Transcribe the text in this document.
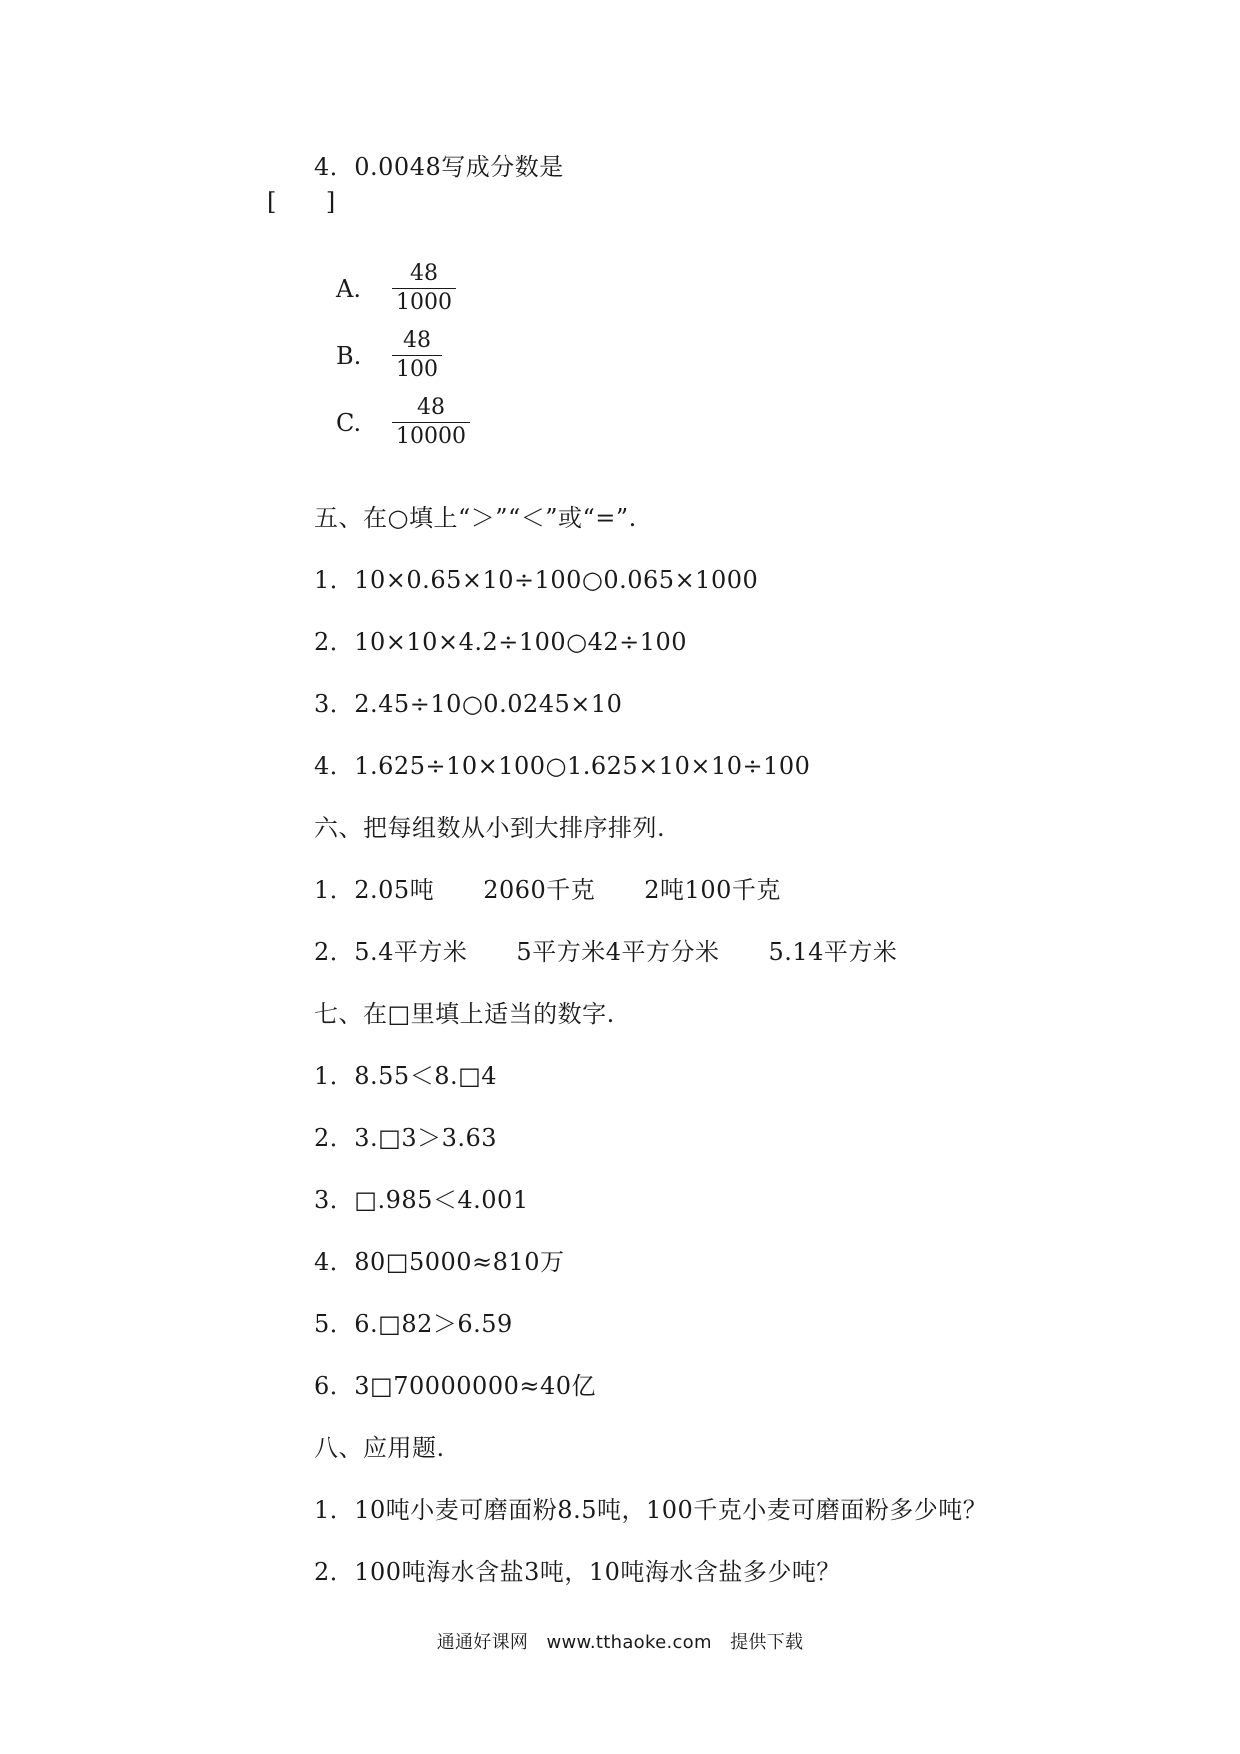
4．0.0048写成分数是
[　　]
A.	$\frac{48}{1000}$
B.	$\frac{48}{100}$
C.	$\frac{48}{10000}$
五、在○填上“＞”“＜”或“=”.
1．10×0.65×10÷100○0.065×1000
2．10×10×4.2÷100○42÷100
3．2.45÷10○0.0245×10
4．1.625÷10×100○1.625×10×10÷100
六、把每组数从小到大排序排列.
1．2.05吨　　2060千克　　2吨100千克
2．5.4平方米　　5平方米4平方分米　　5.14平方米
七、在□里填上适当的数字.
1．8.55＜8.□4
2．3.□3＞3.63
3．□.985＜4.001
4．80□5000≈810万
5．6.□82＞6.59
6．3□70000000≈40亿
八、应用题.
1．10吨小麦可磨面粉8.5吨，100千克小麦可磨面粉多少吨？
2．100吨海水含盐3吨，10吨海水含盐多少吨？
通通好课网　www.tthaoke.com　提供下载
